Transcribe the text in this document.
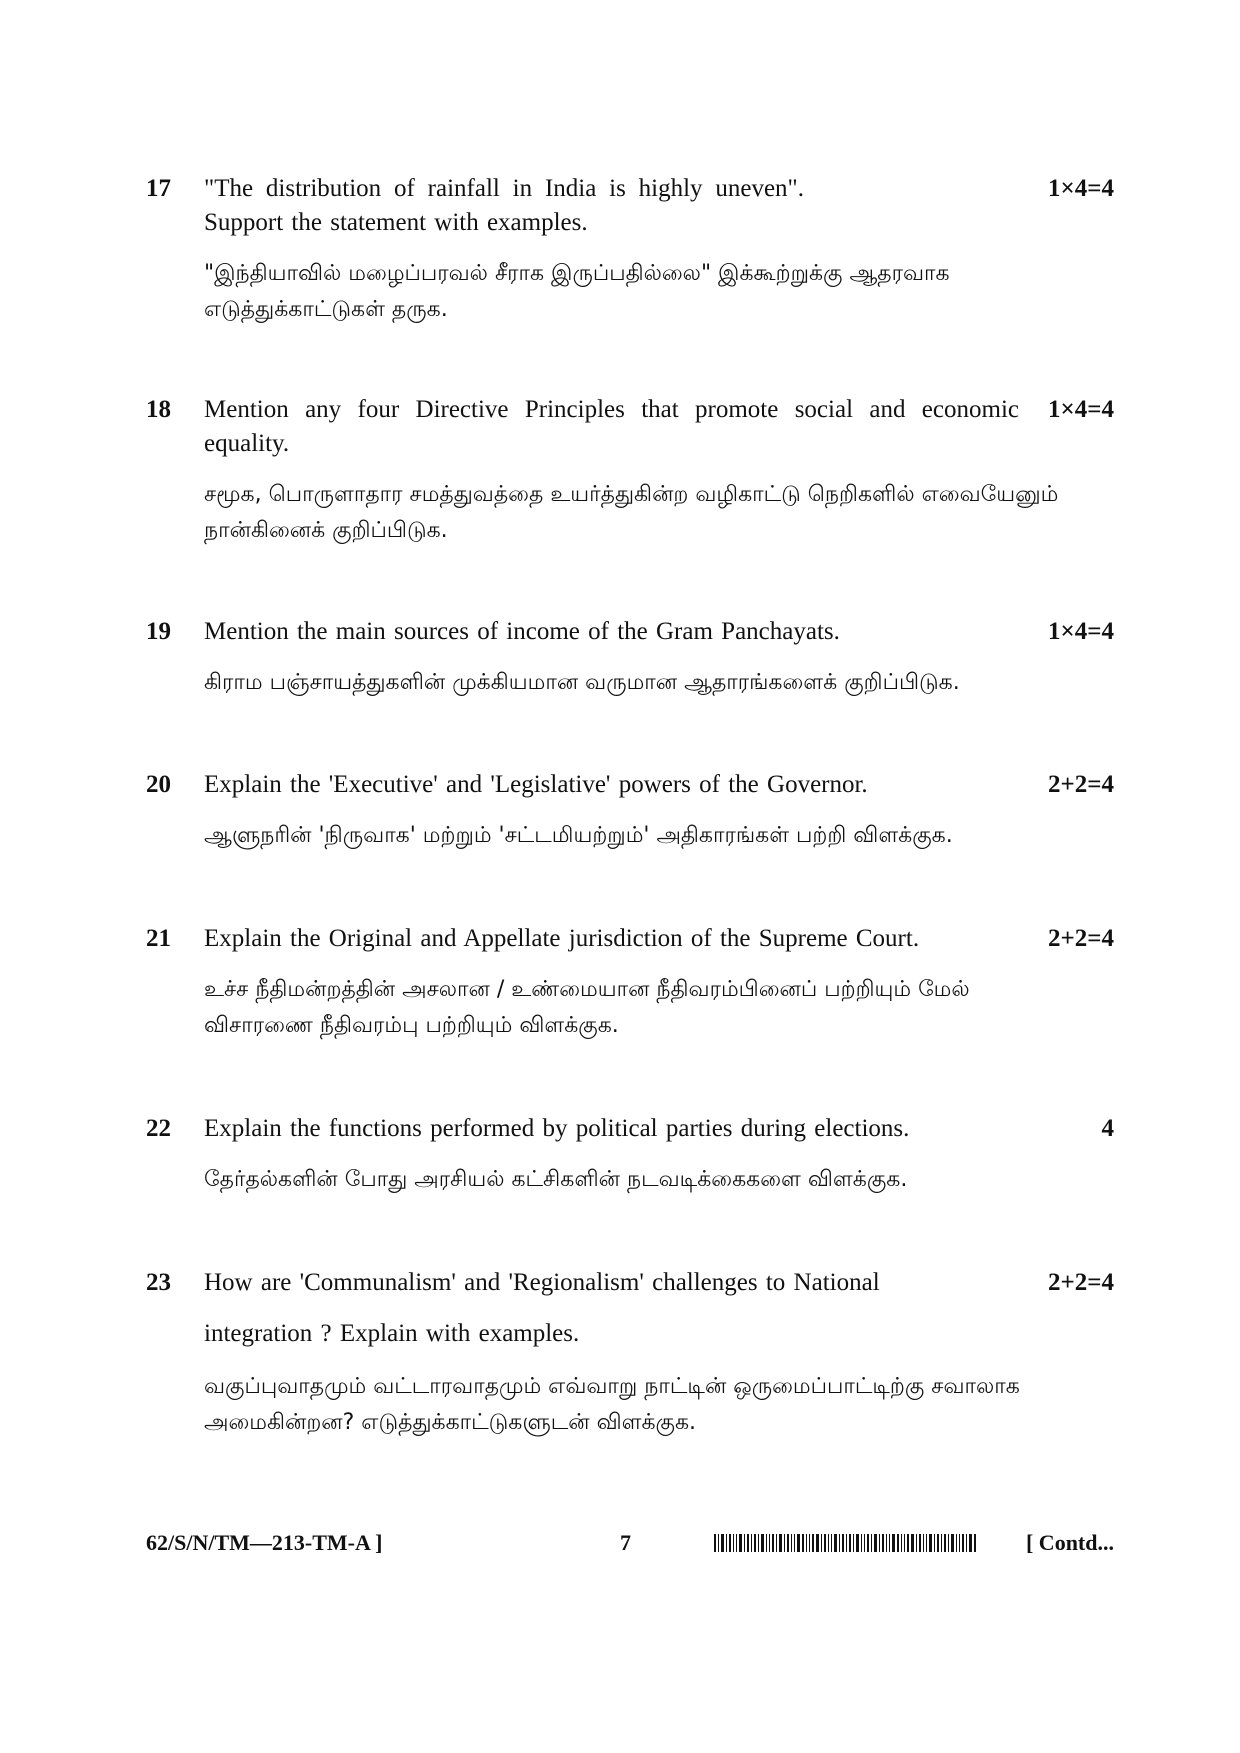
17 "The distribution of rainfall in India is highly uneven". Support the statement with examples.
1×4=4
"இந்தியாவில் மழைப்பரவல் சீராக இருப்பதில்லை" இக்கூற்றுக்கு ஆதரவாக எடுத்துக்காட்டுகள் தருக.
18 Mention any four Directive Principles that promote social and economic equality.
1×4=4
சமூக, பொருளாதார சமத்துவத்தை உயர்த்துகின்ற வழிகாட்டு நெறிகளில் எவையேனும் நான்கினைக் குறிப்பிடுக.
19 Mention the main sources of income of the Gram Panchayats.	1×4=4
கிராம பஞ்சாயத்துகளின் முக்கியமான வருமான ஆதாரங்களைக் குறிப்பிடுக.
20 Explain the 'Executive' and 'Legislative' powers of the Governor.	2+2=4
ஆளுநரின் 'நிருவாக' மற்றும் 'சட்டமியற்றும்' அதிகாரங்கள் பற்றி விளக்குக.
21 Explain the Original and Appellate jurisdiction of the Supreme Court.	2+2=4
உச்ச நீதிமன்றத்தின் அசலான / உண்மையான நீதிவரம்பினைப் பற்றியும் மேல் விசாரணை நீதிவரம்பு பற்றியும் விளக்குக.
22 Explain the functions performed by political parties during elections.	4
தேர்தல்களின் போது அரசியல் கட்சிகளின் நடவடிக்கைகளை விளக்குக.
23 How are 'Communalism' and 'Regionalism' challenges to National
integration ? Explain with examples.
2+2=4
வகுப்புவாதமும் வட்டாரவாதமும் எவ்வாறு நாட்டின் ஒருமைப்பாட்டிற்கு சவாலாக அமைகின்றன? எடுத்துக்காட்டுகளுடன் விளக்குக.
62/S/N/TM—213-TM-A ]	7	[ Contd...
